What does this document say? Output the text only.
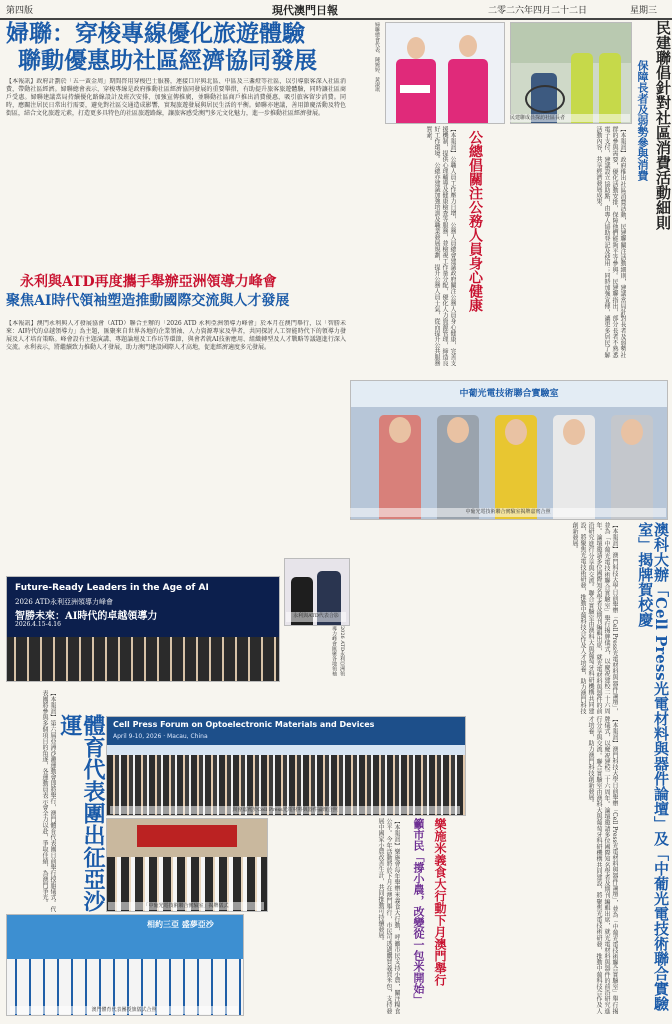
第四版	現代澳門日報	二零二六年四月二十二日	星期三
婦聯：穿梭專線優化旅遊體驗
聯動優惠助社區經濟協同發展
【本報訊】政府計劃於「五一黃金周」期間啓用穿梭巴士服務，連接口岸與北區、中區及三盞燈等社區，以引導旅客深入社區消費，帶動社區經濟。婦聯總會表示，穿梭專線是政府推動社區經濟協同發展的重要舉措，有助提升旅客旅遊體驗，同時讓社區商戶受惠。婦聯建議當局持續優化路線設計及班次安排，加強宣傳推廣，並聯動社區商戶推出消費優惠，吸引旅客留步消費。同時，應關注居民日常出行需要，避免對社區交通造成影響，實現旅遊發展與居民生活的平衡。婦聯亦建議，善用節慶活動及特色街區，結合文化旅遊元素，打造更多具特色的社區旅遊路線，讓旅客感受澳門多元文化魅力，進一步推動社區經濟發展。
婦聯總會代表、陳婉婷、黃淑琪	民建聯倡針對社區消費活動細則
保障長者及弱勢參與消費
【本報訊】政府推出社區消費活動，民建聯關注活動細則，建議當局針對長者及弱勢社群的參與需要，優化活動安排，保障他們能夠平等參與。民建聯指出，部分長者不熟悉電子支付，建議設立協助點，由專人協助登記及使用；同時加強宣傳，讓更多居民了解活動內容，共享經濟發展成果。
民建聯成員探訪社區長者
公總倡關注公務人員身心健康
【本報訊】公職人員工作壓力日增，公務人員總會建議政府關注公務人員身心健康，完善支援機制，提供心理輔導及健康檢查等服務，並檢視工作量分配，優化人力資源管理，締造良好工作環境。公總亦建議加強培訓及職業發展規劃，提升公務人員士氣，從而提升公共服務質素。
永利與ATD再度攜手舉辦亞洲領導力峰會
聚焦AI時代領袖塑造推動國際交流與人才發展
【本報訊】澳門永利與人才發展協會（ATD）聯合主辦的「2026 ATD 永利亞洲領導力峰會」於本月在澳門舉行，以「智勝未來：AI時代的卓越領導力」為主題，匯聚來自世界各地的企業領袖、人力資源專家及學者，共同探討人工智能時代下的領導力發展及人才培育策略。峰會設有主題演講、專題論壇及工作坊等環節，與會者就AI技術應用、組織轉型及人才戰略等議題進行深入交流。永利表示，將繼續致力推動人才發展，助力澳門建設國際人才高地，促進經濟適度多元發展。
永利與ATD代表合影
Future-Ready Leaders in the Age of AI
2026 ATD永利亞洲領導力峰會
智勝未來：AI時代的卓越領導力
2026.4.15-4.16
2026 ATD永利亞洲領導力峰會匯聚各地領袖
體育代表團出征亞沙運
【本報訊】第六屆亞洲沙灘運動會即將舉行，澳門體育代表團日前舉行授旗儀式。代表團將參與多個項目的角逐，各運動員表示會全力以赴，爭取佳績，為澳門爭光。
相約三亞 盛夢亞沙
澳門體育代表團授旗儀式合照
中葡光電技術聯合實驗室
中葡光電技術聯合實驗室揭牌嘉賓合照
澳科大辦「Cell Press光電材料與器件論壇」及「中葡光電技術聯合實驗室」揭牌賀校慶
【本報訊】澳門科技大學日前舉辦「Cell Press光電材料與器件論壇」，並為「中葡光電技術聯合實驗室」舉行揭牌儀式，以慶祝建校二十六周年。論壇邀請多位國際知名學者及期刊編輯出席，就光電材料與器件的前沿研究進行分享與交流。聯合實驗室由澳科大與葡萄牙科研機構共同建設，將聚焦光電技術研發，推動中葡科技合作及人才培養，助力澳門科技創新發展。
Cell Press Forum on Optoelectronic Materials and Devices
April 9-10, 2026 · Macau, China
與會嘉賓於Cell Press光電材料與器件論壇合照
「中葡光電技術聯合實驗室」揭牌儀式	樂施米義食大行動下月澳門舉行
籲市民「撐小農，改變從一包米開始」
【本報訊】樂施會每年舉辦米義食大行動，呼籲市民支持小農，關注糧食公平。今年活動將於下月在澳門舉行，市民可透過購買義賣米包，支持發展中國家小農改善生計，共同推動可持續發展。	【本報訊】澳門科技大學日前舉辦「Cell Press光電材料與器件論壇」，並為「中葡光電技術聯合實驗室」舉行揭牌儀式，以慶祝建校二十六周年。論壇邀請多位國際知名學者及期刊編輯出席，就光電材料與器件的前沿研究進行分享與交流。聯合實驗室由澳科大與葡萄牙科研機構共同建設，將聚焦光電技術研發，推動中葡科技合作及人才培養，助力澳門科技創新發展。
